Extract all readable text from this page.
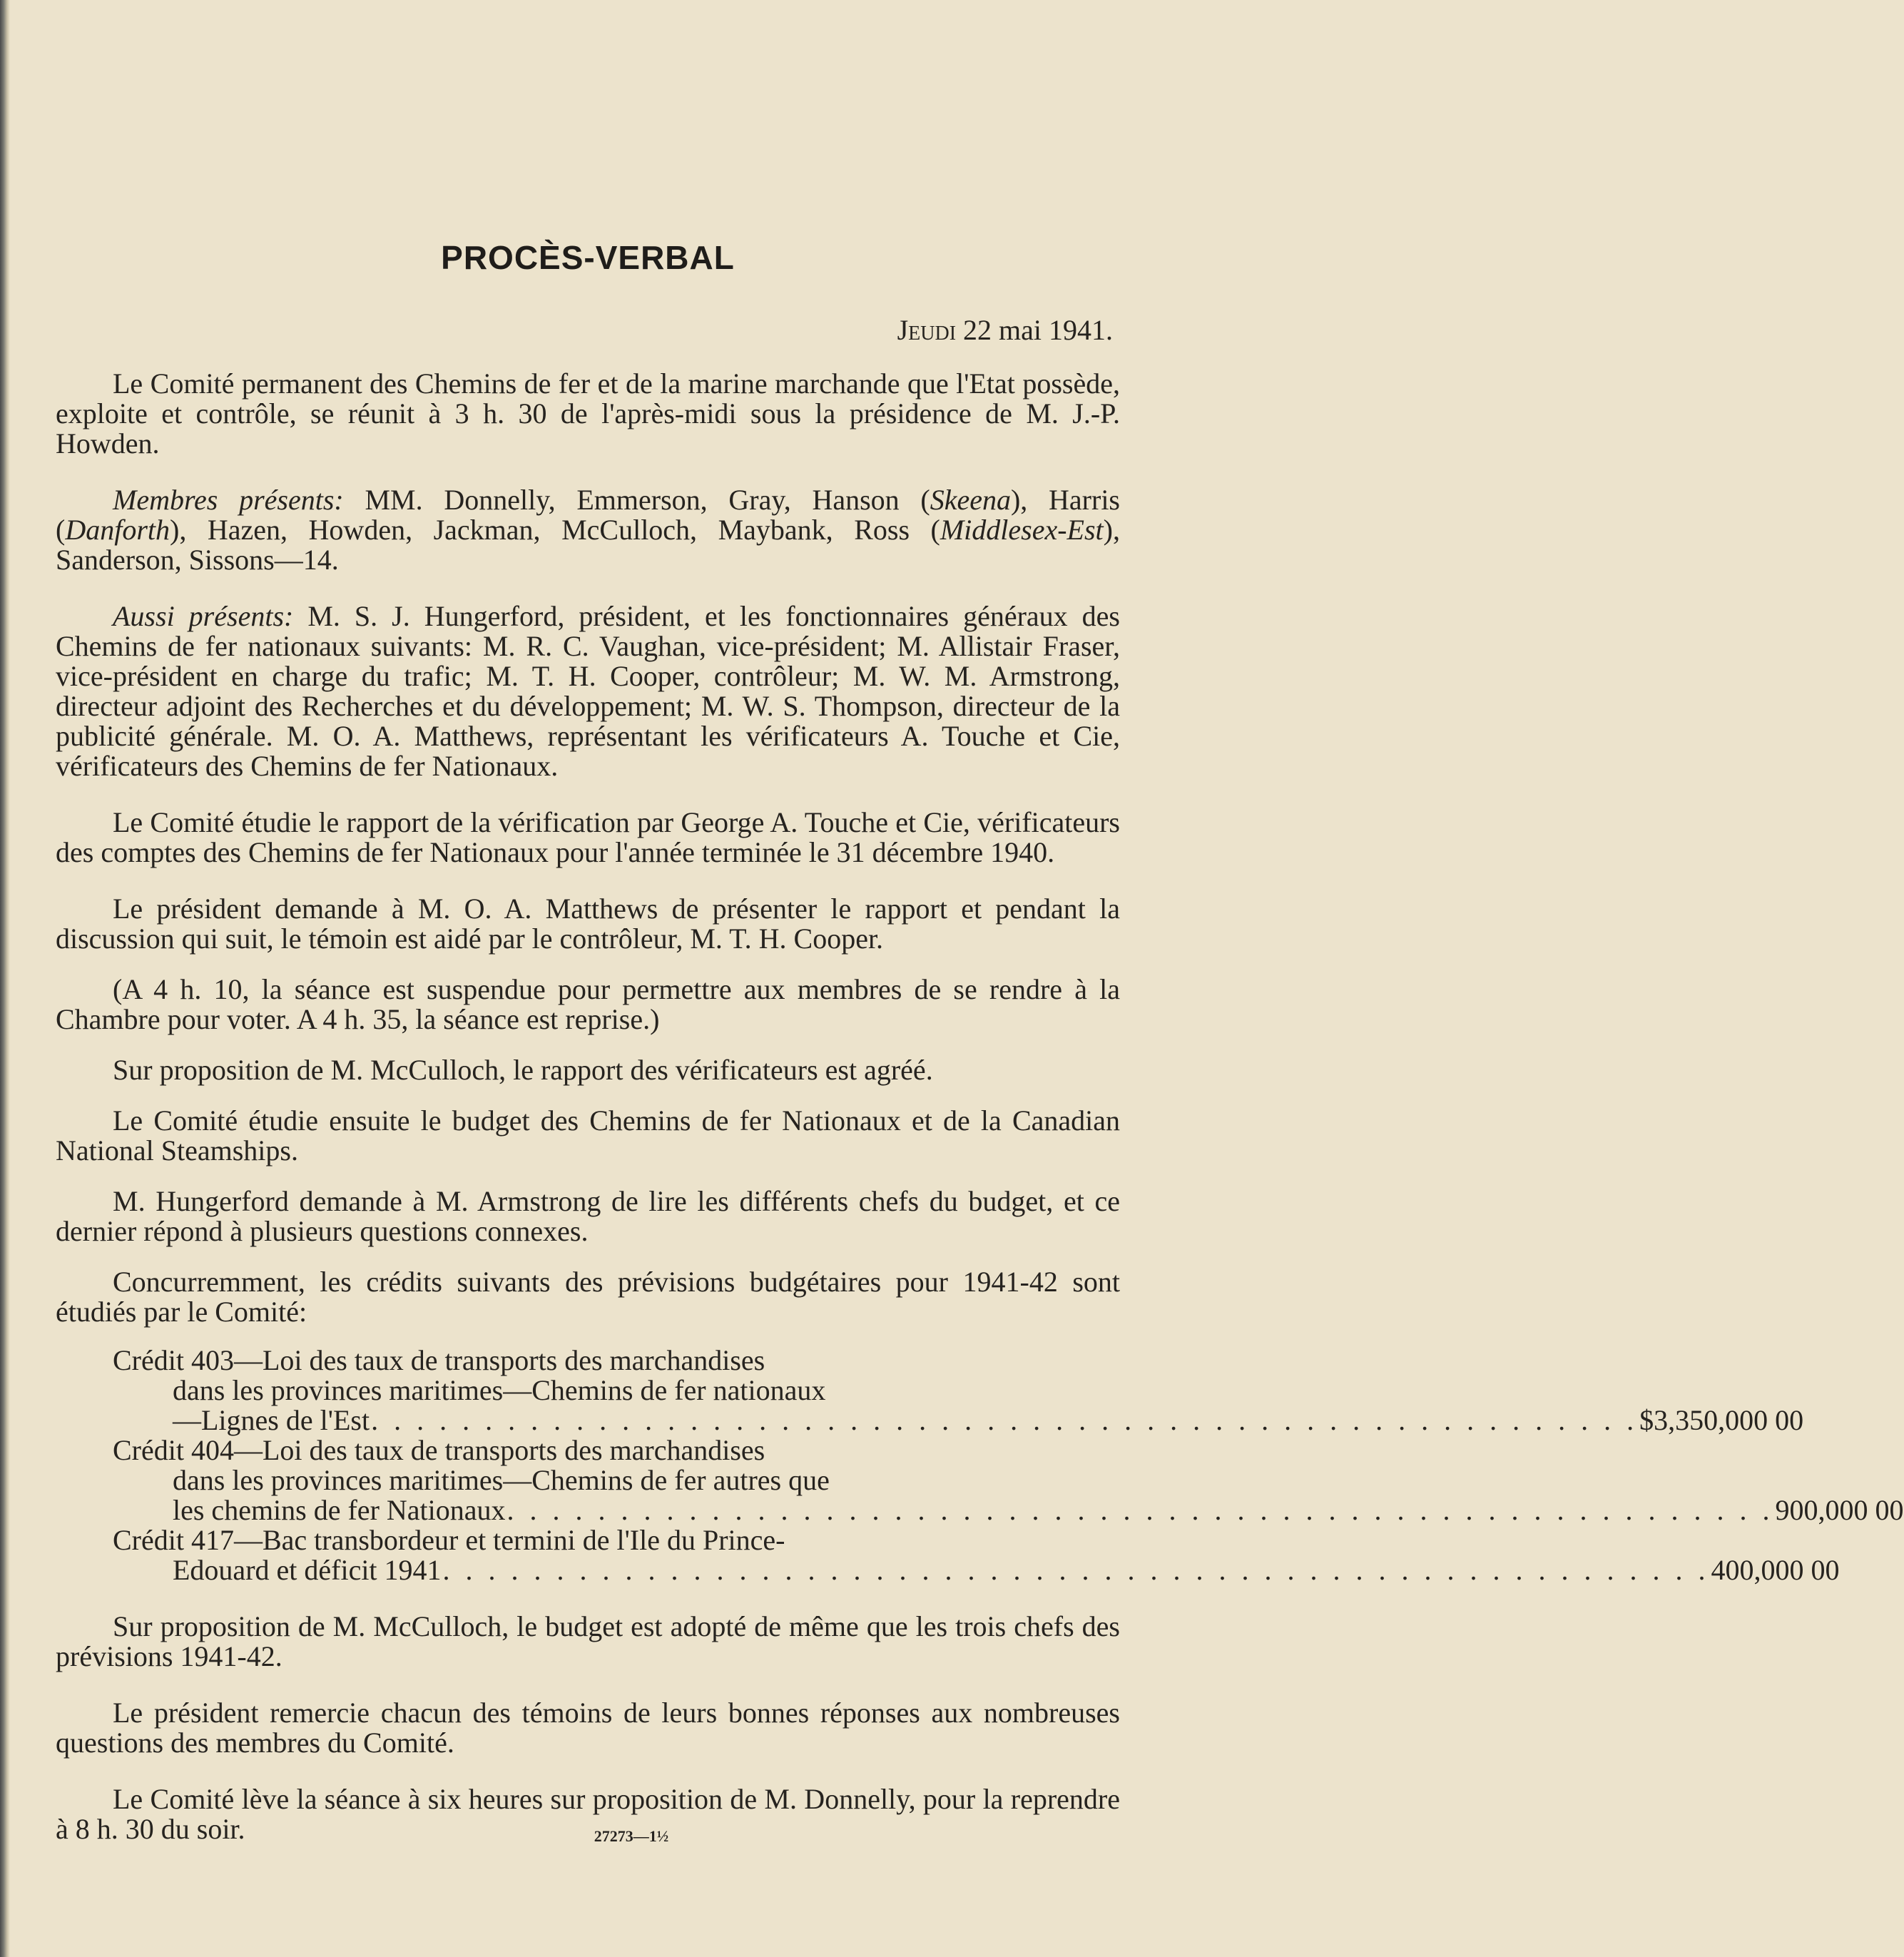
PROCÈS-VERBAL
Jeudi 22 mai 1941.

Le Comité permanent des Chemins de fer et de la marine marchande que l'Etat possède, exploite et contrôle, se réunit à 3 h. 30 de l'après-midi sous la présidence de M. J.-P. Howden.

Membres présents: MM. Donnelly, Emmerson, Gray, Hanson (Skeena), Harris (Danforth), Hazen, Howden, Jackman, McCulloch, Maybank, Ross (Middlesex-Est), Sanderson, Sissons—14.

Aussi présents: M. S. J. Hungerford, président, et les fonctionnaires généraux des Chemins de fer nationaux suivants: M. R. C. Vaughan, vice-président; M. Allistair Fraser, vice-président en charge du trafic; M. T. H. Cooper, contrôleur; M. W. M. Armstrong, directeur adjoint des Recherches et du développement; M. W. S. Thompson, directeur de la publicité générale. M. O. A. Matthews, représentant les vérificateurs A. Touche et Cie, vérificateurs des Chemins de fer Nationaux.

Le Comité étudie le rapport de la vérification par George A. Touche et Cie, vérificateurs des comptes des Chemins de fer Nationaux pour l'année terminée le 31 décembre 1940.

Le président demande à M. O. A. Matthews de présenter le rapport et pendant la discussion qui suit, le témoin est aidé par le contrôleur, M. T. H. Cooper.

(A 4 h. 10, la séance est suspendue pour permettre aux membres de se rendre à la Chambre pour voter. A 4 h. 35, la séance est reprise.)

Sur proposition de M. McCulloch, le rapport des vérificateurs est agréé.

Le Comité étudie ensuite le budget des Chemins de fer Nationaux et de la Canadian National Steamships.

M. Hungerford demande à M. Armstrong de lire les différents chefs du budget, et ce dernier répond à plusieurs questions connexes.

Concurremment, les crédits suivants des prévisions budgétaires pour 1941-42 sont étudiés par le Comité:

Crédit 403—Loi des taux de transports des marchandises
dans les provinces maritimes—Chemins de fer nationaux
—Lignes de l'Est . . . . . . . . . . . . . . . . . . . . . . . . . . . . . . . . . . . . . . . . . . . . . . . . . . . . . . . . $3,350,000 00
Crédit 404—Loi des taux de transports des marchandises
dans les provinces maritimes—Chemins de fer autres que
les chemins de fer Nationaux . . . . . . . . . . . . . . . . . . . . . . . . . . . . . . . . . . . . . . . . . . . . . . . . . . . . . . . . 900,000 00
Crédit 417—Bac transbordeur et termini de l'Ile du Prince-
Edouard et déficit 1941 . . . . . . . . . . . . . . . . . . . . . . . . . . . . . . . . . . . . . . . . . . . . . . . . . . . . . . . . 400,000 00

Sur proposition de M. McCulloch, le budget est adopté de même que les trois chefs des prévisions 1941-42.

Le président remercie chacun des témoins de leurs bonnes réponses aux nombreuses questions des membres du Comité.

Le Comité lève la séance à six heures sur proposition de M. Donnelly, pour la reprendre à 8 h. 30 du soir.	27273—1½
